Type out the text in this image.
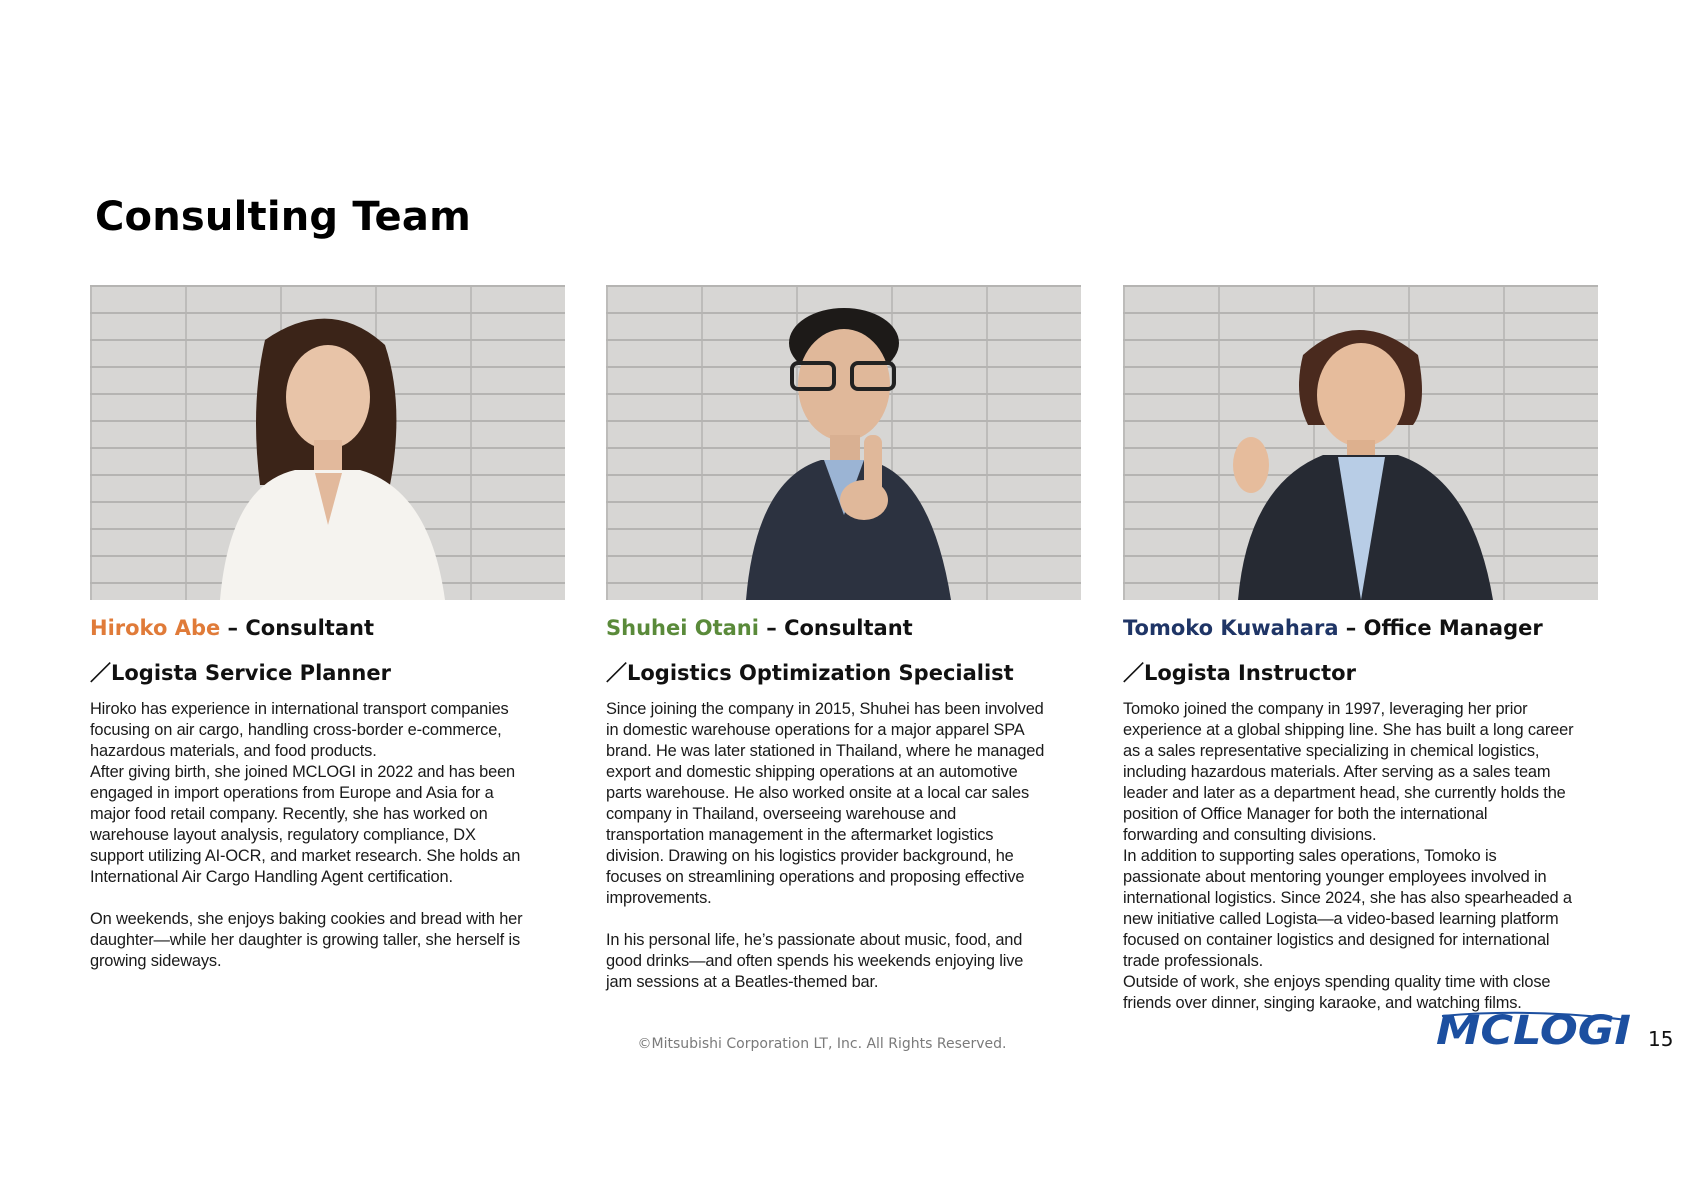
Consulting Team
Hiroko Abe – Consultant
／Logista Service Planner
Hiroko has experience in international transport companies
focusing on air cargo, handling cross-border e-commerce,
hazardous materials, and food products.
After giving birth, she joined MCLOGI in 2022 and has been
engaged in import operations from Europe and Asia for a
major food retail company. Recently, she has worked on
warehouse layout analysis, regulatory compliance, DX
support utilizing AI-OCR, and market research. She holds an
International Air Cargo Handling Agent certification.

On weekends, she enjoys baking cookies and bread with her
daughter—while her daughter is growing taller, she herself is
growing sideways.
Shuhei Otani – Consultant
／Logistics Optimization Specialist
Since joining the company in 2015, Shuhei has been involved
in domestic warehouse operations for a major apparel SPA
brand. He was later stationed in Thailand, where he managed
export and domestic shipping operations at an automotive
parts warehouse. He also worked onsite at a local car sales
company in Thailand, overseeing warehouse and
transportation management in the aftermarket logistics
division. Drawing on his logistics provider background, he
focuses on streamlining operations and proposing effective
improvements.

In his personal life, he’s passionate about music, food, and
good drinks—and often spends his weekends enjoying live
jam sessions at a Beatles-themed bar.
Tomoko Kuwahara – Office Manager
／Logista Instructor
Tomoko joined the company in 1997, leveraging her prior
experience at a global shipping line. She has built a long career
as a sales representative specializing in chemical logistics,
including hazardous materials. After serving as a sales team
leader and later as a department head, she currently holds the
position of Office Manager for both the international
forwarding and consulting divisions.
In addition to supporting sales operations, Tomoko is
passionate about mentoring younger employees involved in
international logistics. Since 2024, she has also spearheaded a
new initiative called Logista—a video-based learning platform
focused on container logistics and designed for international
trade professionals.
Outside of work, she enjoys spending quality time with close
friends over dinner, singing karaoke, and watching films.
©Mitsubishi Corporation LT, Inc. All Rights Reserved.	MCLOGI 15
